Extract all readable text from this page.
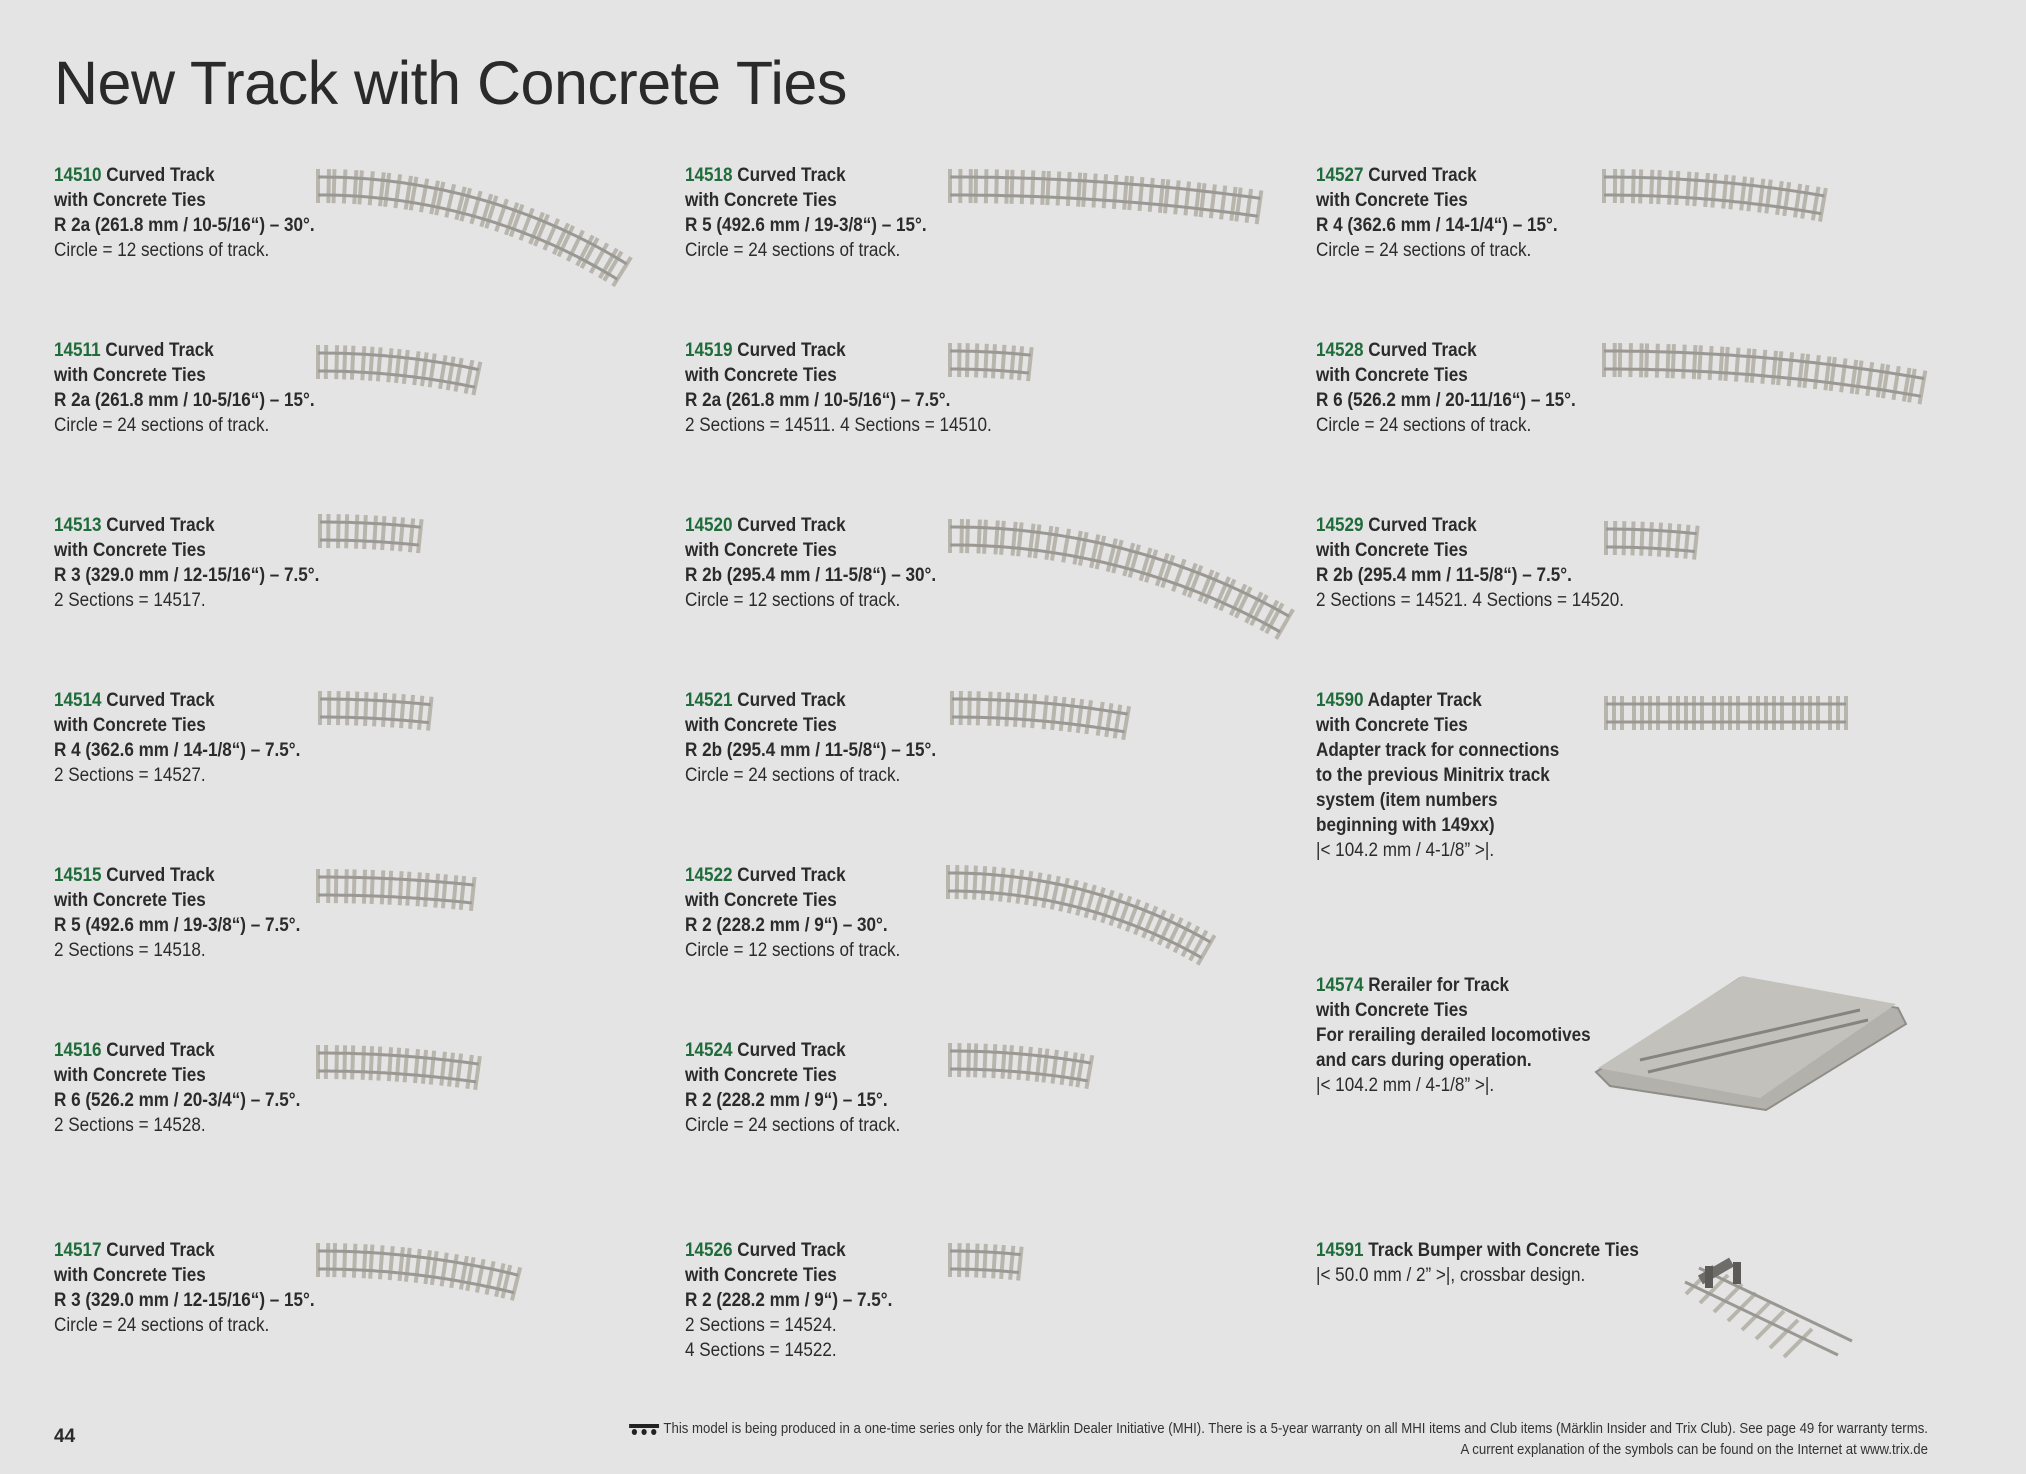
New Track with Concrete Ties
14510 Curved Track
with Concrete Ties
R 2a (261.8 mm / 10-5/16“) – 30°.
Circle = 12 sections of track.
14511 Curved Track
with Concrete Ties
R 2a (261.8 mm / 10-5/16“) – 15°.
Circle = 24 sections of track.
14513 Curved Track
with Concrete Ties
R 3 (329.0 mm / 12-15/16“) – 7.5°.
2 Sections = 14517.
14514 Curved Track
with Concrete Ties
R 4 (362.6 mm / 14-1/8“) – 7.5°.
2 Sections = 14527.
14515 Curved Track
with Concrete Ties
R 5 (492.6 mm / 19-3/8“) – 7.5°.
2 Sections = 14518.
14516 Curved Track
with Concrete Ties
R 6 (526.2 mm / 20-3/4“) – 7.5°.
2 Sections = 14528.
14517 Curved Track
with Concrete Ties
R 3 (329.0 mm / 12-15/16“) – 15°.
Circle = 24 sections of track.
14518 Curved Track
with Concrete Ties
R 5 (492.6 mm / 19-3/8“) – 15°.
Circle = 24 sections of track.
14519 Curved Track
with Concrete Ties
R 2a (261.8 mm / 10-5/16“) – 7.5°.
2 Sections = 14511. 4 Sections = 14510.
14520 Curved Track
with Concrete Ties
R 2b (295.4 mm / 11-5/8“) – 30°.
Circle = 12 sections of track.
14521 Curved Track
with Concrete Ties
R 2b (295.4 mm / 11-5/8“) – 15°.
Circle = 24 sections of track.
14522 Curved Track
with Concrete Ties
R 2 (228.2 mm / 9“) – 30°.
Circle = 12 sections of track.
14524 Curved Track
with Concrete Ties
R 2 (228.2 mm / 9“) – 15°.
Circle = 24 sections of track.
14526 Curved Track
with Concrete Ties
R 2 (228.2 mm / 9“) – 7.5°.
2 Sections = 14524.
4 Sections = 14522.
14527 Curved Track
with Concrete Ties
R 4 (362.6 mm / 14-1/4“) – 15°.
Circle = 24 sections of track.
14528 Curved Track
with Concrete Ties
R 6 (526.2 mm / 20-11/16“) – 15°.
Circle = 24 sections of track.
14529 Curved Track
with Concrete Ties
R 2b (295.4 mm / 11-5/8“) – 7.5°.
2 Sections = 14521. 4 Sections = 14520.
14590 Adapter Track
with Concrete Ties
Adapter track for connections
to the previous Minitrix track
system (item numbers
beginning with 149xx)
|< 104.2 mm / 4-1/8” >|.
14574 Rerailer for Track
with Concrete Ties
For rerailing derailed locomotives
and cars during operation.
|< 104.2 mm / 4-1/8” >|.
14591 Track Bumper with Concrete Ties
|< 50.0 mm / 2” >|, crossbar design.
This model is being produced in a one-time series only for the Märklin Dealer Initiative (MHI). There is a 5-year warranty on all MHI items and Club items (Märklin Insider and Trix Club). See page 49 for warranty terms.
A current explanation of the symbols can be found on the Internet at www.trix.de
44
